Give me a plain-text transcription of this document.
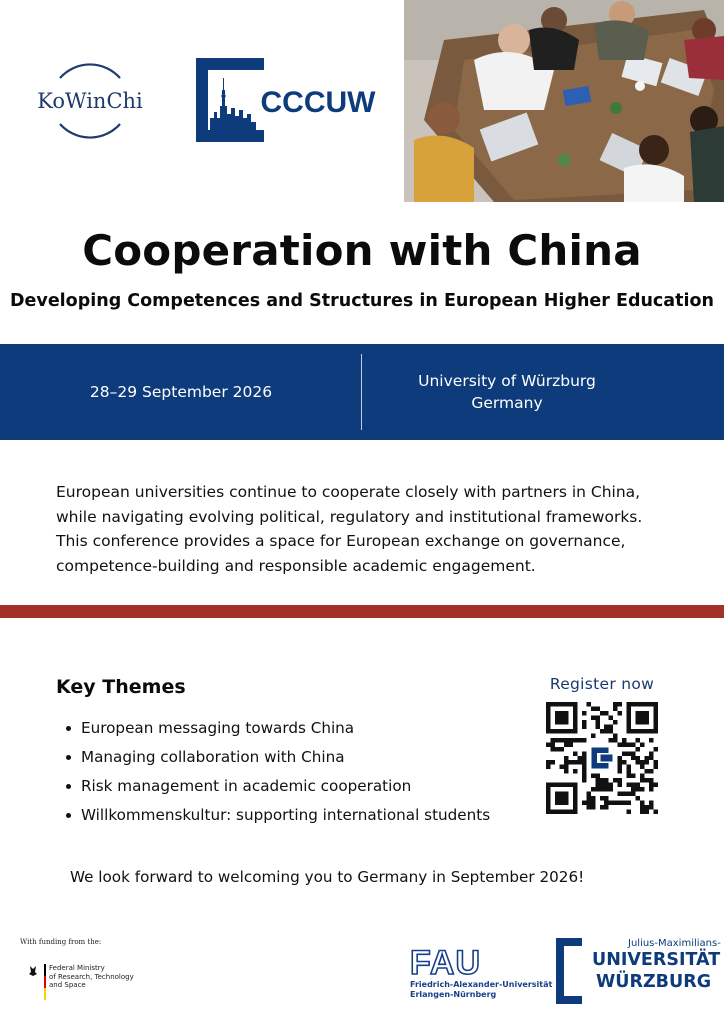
KoWinChi	CCCUW
Cooperation with China
Developing Competences and Structures in European Higher Education
28–29 September 2026
University of Würzburg
Germany

European universities continue to cooperate closely with partners in China, while navigating evolving political, regulatory and institutional frameworks. This conference provides a space for European exchange on governance, competence-building and responsible academic engagement.

Key Themes
European messaging towards China
Managing collaboration with China
Risk management in academic cooperation
Willkommenskultur: supporting international students
Register now
We look forward to welcoming you to Germany in September 2026!
With funding from the:
Federal Ministry
of Research, Technology
and Space
FAU
Friedrich-Alexander-Universität
Erlangen-Nürnberg
Julius-Maximilians-
UNIVERSITÄT
WÜRZBURG
